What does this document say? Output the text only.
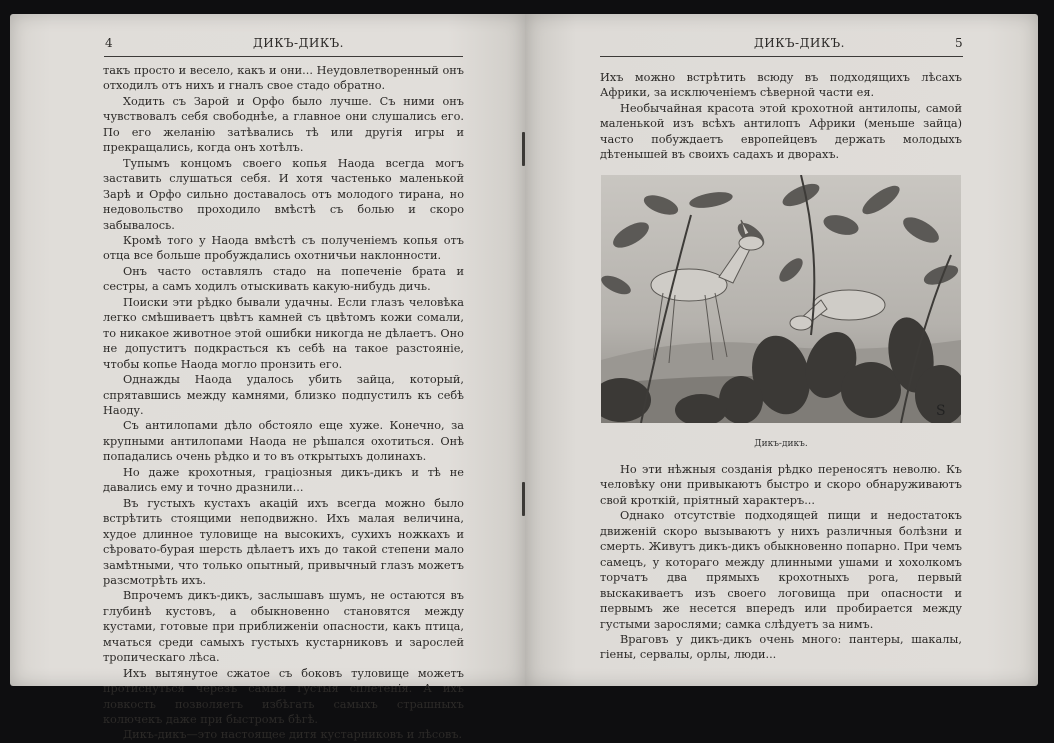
4	ДИКЪ-ДИКЪ.

такъ просто и весело, какъ и они... Неудовлетворенный онъ отходилъ отъ нихъ и гналъ свое стадо обратно.

Ходить съ Зарой и Орфо было лучше. Съ ними онъ чувствовалъ себя свободнѣе, а главное они слушались его. По его желанію затѣвались тѣ или другія игры и прекращались, когда онъ хотѣлъ.

Тупымъ концомъ своего копья Наода всегда могъ заставить слушаться себя. И хотя частенько маленькой Зарѣ и Орфо сильно доставалось отъ молодого тирана, но недовольство проходило вмѣстѣ съ болью и скоро забывалось.

Кромѣ того у Наода вмѣстѣ съ полученіемъ копья отъ отца все больше пробуждались охотничьи наклонности.

Онъ часто оставлялъ стадо на попеченіе брата и сестры, а самъ ходилъ отыскивать какую-нибудь дичь.

Поиски эти рѣдко бывали удачны. Если глазъ человѣка легко смѣшиваетъ цвѣтъ камней съ цвѣтомъ кожи сомали, то никакое животное этой ошибки никогда не дѣлаетъ. Оно не допуститъ подкрасться къ себѣ на такое разстояніе, чтобы копье Наода могло пронзить его.

Однажды Наода удалось убить зайца, который, спрятавшись между камнями, близко подпустилъ къ себѣ Наоду.

Съ антилопами дѣло обстояло еще хуже. Конечно, за крупными антилопами Наода не рѣшался охотиться. Онѣ попадались очень рѣдко и то въ открытыхъ долинахъ.

Но даже крохотныя, граціозныя дикъ-дикъ и тѣ не давались ему и точно дразнили...

Въ густыхъ кустахъ акацій ихъ всегда можно было встрѣтить стоящими неподвижно. Ихъ малая величина, худое длинное туловище на высокихъ, сухихъ ножкахъ и сѣровато-бурая шерсть дѣлаетъ ихъ до такой степени мало замѣтными, что только опытный, привычный глазъ можетъ разсмотрѣть ихъ.

Впрочемъ дикъ-дикъ, заслышавъ шумъ, не остаются въ глубинѣ кустовъ, а обыкновенно становятся между кустами, готовые при приближеніи опасности, какъ птица, мчаться среди самыхъ густыхъ кустарниковъ и зарослей тропическаго лѣса.

Ихъ вытянутое сжатое съ боковъ туловище можетъ протиснуться черезъ самыя густыя сплетенія. А ихъ ловкость позволяетъ избѣгать самыхъ страшныхъ колючекъ даже при быстромъ бѣгѣ.

Дикъ-дикъ—это настоящее дитя кустарниковъ и лѣсовъ.

ДИКЪ-ДИКЪ.	5

Ихъ можно встрѣтить всюду въ подходящихъ лѣсахъ Африки, за исключеніемъ сѣверной части ея.

Необычайная красота этой крохотной антилопы, самой маленькой изъ всѣхъ антилопъ Африки (меньше зайца) часто побуждаетъ европейцевъ держать молодыхъ дѣтенышей въ своихъ садахъ и дворахъ.

S
Дикъ-дикъ.

Но эти нѣжныя созданія рѣдко переносятъ неволю. Къ человѣку они привыкаютъ быстро и скоро обнаруживаютъ свой кроткій, пріятный характеръ...

Однако отсутствіе подходящей пищи и недостатокъ движеній скоро вызываютъ у нихъ различныя болѣзни и смерть. Живутъ дикъ-дикъ обыкновенно попарно. При чемъ самецъ, у котораго между длинными ушами и хохолкомъ торчатъ два прямыхъ крохотныхъ рога, первый выскакиваетъ изъ своего логовища при опасности и первымъ же несется впередъ или пробирается между густыми зарослями; самка слѣдуетъ за нимъ.

Враговъ у дикъ-дикъ очень много: пантеры, шакалы, гіены, сервалы, орлы, люди...
